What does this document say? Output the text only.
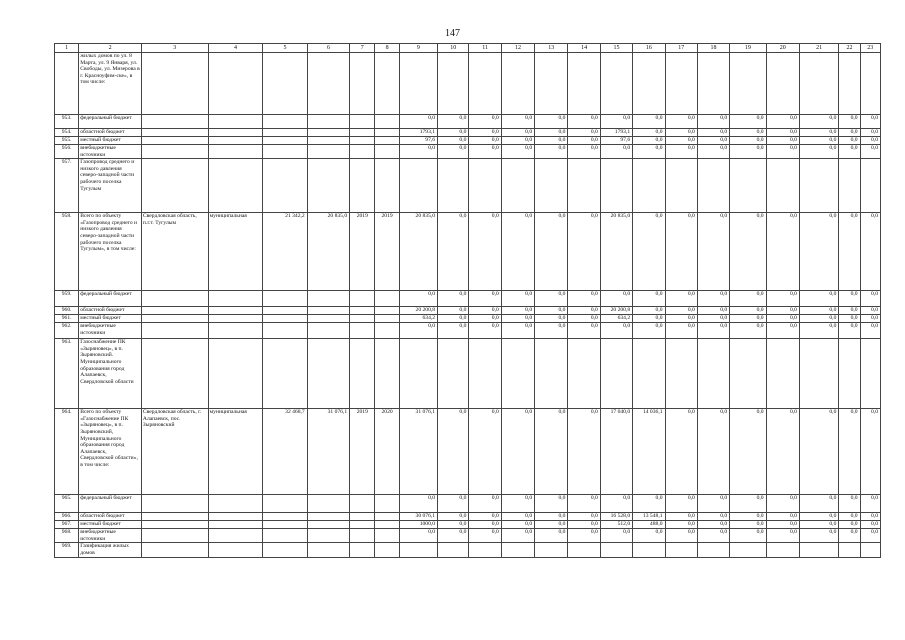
147
1	2	3	4	5	6	7	8	9	10	11	12	13	14	15	16	17	18	19	20	21	22	23
	жилых домов по ул. 8 Марта, ул. 9 Января, ул. Свободы, ул. Мизерова в г. Красноуфим-ске», в том числе:																					
953.	федеральный бюджет							0,0	0,0	0,0	0,0	0,0	0,0	0,0	0,0	0,0	0,0	0,0	0,0	0,0	0,0	0,0
954.	областной бюджет							1793,1	0,0	0,0	0,0	0,0	0,0	1793,1	0,0	0,0	0,0	0,0	0,0	0,0	0,0	0,0
955.	местный бюджет							97,6	0,0	0,0	0,0	0,0	0,0	97,6	0,0	0,0	0,0	0,0	0,0	0,0	0,0	0,0
956.	внебюджетные источники							0,0	0,0	0,0	0,0	0,0	0,0	0,0	0,0	0,0	0,0	0,0	0,0	0,0	0,0	0,0
957.	Газопровод среднего и низкого давления северо-западной части рабочего поселка Тугулым																					
958.	Всего по объекту «Газопровод среднего и низкого давления северо-западной части рабочего поселка Тугулым», в том числе:	Свердловская область, п.г.т. Тугулым	муниципальная	21 342,2	20 835,0	2019	2019	20 835,0	0,0	0,0	0,0	0,0	0,0	20 835,0	0,0	0,0	0,0	0,0	0,0	0,0	0,0	0,0
959.	федеральный бюджет							0,0	0,0	0,0	0,0	0,0	0,0	0,0	0,0	0,0	0,0	0,0	0,0	0,0	0,0	0,0
960.	областной бюджет							20 200,8	0,0	0,0	0,0	0,0	0,0	20 200,8	0,0	0,0	0,0	0,0	0,0	0,0	0,0	0,0
961.	местный бюджет							634,2	0,0	0,0	0,0	0,0	0,0	634,2	0,0	0,0	0,0	0,0	0,0	0,0	0,0	0,0
962.	внебюджетные источники							0,0	0,0	0,0	0,0	0,0	0,0	0,0	0,0	0,0	0,0	0,0	0,0	0,0	0,0	0,0
963.	Газоснабжение ПК «Зыряновец», в п. Зыряновский. Муниципального образования город Алапаевск, Свердловской области																					
964.	Всего по объекту «Газоснабжение ПК «Зыряновец», в п. Зыряновский, Муниципального образования город Алапаевск, Свердловской области», в том числе:	Свердловская область, г. Алапаевск, пос. Зыряновский	муниципальная	32 468,7	31 076,1	2019	2020	31 076,1	0,0	0,0	0,0	0,0	0,0	17 040,0	14 036,1	0,0	0,0	0,0	0,0	0,0	0,0	0,0
965.	федеральный бюджет							0,0	0,0	0,0	0,0	0,0	0,0	0,0	0,0	0,0	0,0	0,0	0,0	0,0	0,0	0,0
966.	областной бюджет							30 076,1	0,0	0,0	0,0	0,0	0,0	16 528,0	13 548,1	0,0	0,0	0,0	0,0	0,0	0,0	0,0
967.	местный бюджет							1000,0	0,0	0,0	0,0	0,0	0,0	512,0	488,0	0,0	0,0	0,0	0,0	0,0	0,0	0,0
968.	внебюджетные источники							0,0	0,0	0,0	0,0	0,0	0,0	0,0	0,0	0,0	0,0	0,0	0,0	0,0	0,0	0,0
969.	Газификация жилых домов																					
